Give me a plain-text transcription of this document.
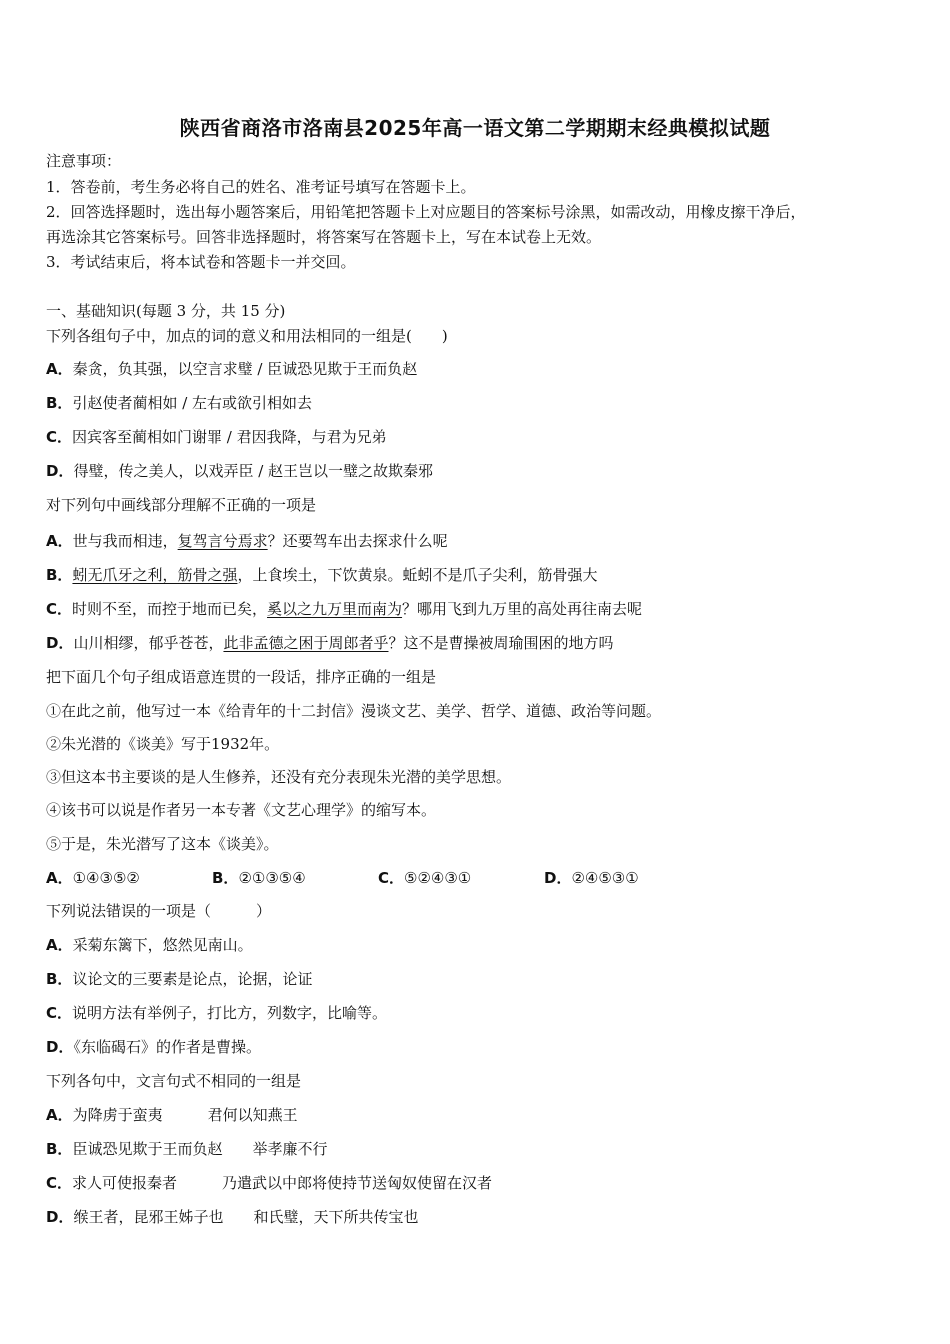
陕西省商洛市洛南县2025年高一语文第二学期期末经典模拟试题
注意事项：
1．答卷前，考生务必将自己的姓名、准考证号填写在答题卡上。
2．回答选择题时，选出每小题答案后，用铅笔把答题卡上对应题目的答案标号涂黑，如需改动，用橡皮擦干净后，
再选涂其它答案标号。回答非选择题时，将答案写在答题卡上，写在本试卷上无效。
3．考试结束后，将本试卷和答题卡一并交回。
一、基础知识(每题 3 分，共 15 分)
下列各组句子中，加点的词的意义和用法相同的一组是(　　)
A．秦贪，负其强，以空言求璧 / 臣诚恐见欺于王而负赵
B．引赵使者蔺相如 / 左右或欲引相如去
C．因宾客至蔺相如门谢罪 / 君因我降，与君为兄弟
D．得璧，传之美人，以戏弄臣 / 赵王岂以一璧之故欺秦邪
对下列句中画线部分理解不正确的一项是
A．世与我而相违，复驾言兮焉求？还要驾车出去探求什么呢
B．蚓无爪牙之利，筋骨之强，上食埃土，下饮黄泉。蚯蚓不是爪子尖利，筋骨强大
C．时则不至，而控于地而已矣，奚以之九万里而南为？哪用飞到九万里的高处再往南去呢
D．山川相缪，郁乎苍苍，此非孟德之困于周郎者乎？这不是曹操被周瑜围困的地方吗
把下面几个句子组成语意连贯的一段话，排序正确的一组是
①在此之前，他写过一本《给青年的十二封信》漫谈文艺、美学、哲学、道德、政治等问题。
②朱光潜的《谈美》写于1932年。
③但这本书主要谈的是人生修养，还没有充分表现朱光潜的美学思想。
④该书可以说是作者另一本专著《文艺心理学》的缩写本。
⑤于是，朱光潜写了这本《谈美》。
A．①④③⑤②	B．②①③⑤④	C．⑤②④③①	D．②④⑤③①
下列说法错误的一项是（　　　）
A．采菊东篱下，悠然见南山。
B．议论文的三要素是论点，论据，论证
C．说明方法有举例子，打比方，列数字，比喻等。
D．《东临碣石》的作者是曹操。
下列各句中，文言句式不相同的一组是
A．为降虏于蛮夷　　　君何以知燕王
B．臣诚恐见欺于王而负赵　　举孝廉不行
C．求人可使报秦者　　　乃遣武以中郎将使持节送匈奴使留在汉者
D．缑王者，昆邪王姊子也　　和氏璧，天下所共传宝也
